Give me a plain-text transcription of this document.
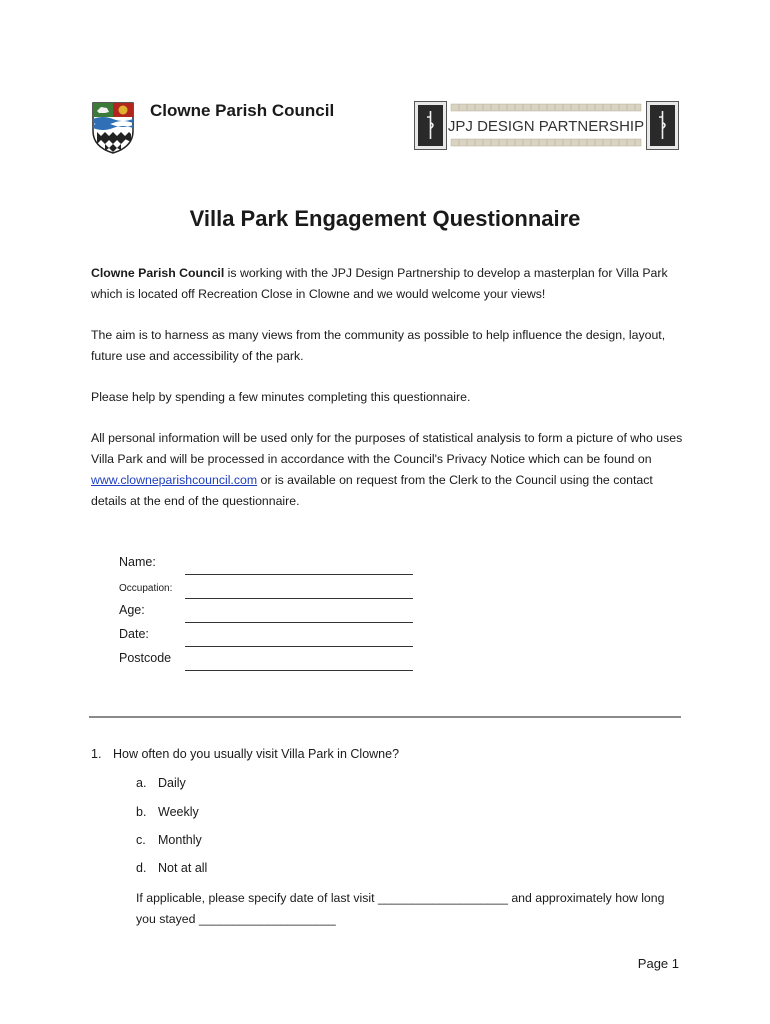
Clowne Parish Council
JPJ DESIGN PARTNERSHIP
Villa Park Engagement Questionnaire
Clowne Parish Council is working with the JPJ Design Partnership to develop a masterplan for Villa Park which is located off Recreation Close in Clowne and we would welcome your views!
The aim is to harness as many views from the community as possible to help influence the design, layout, future use and accessibility of the park.
Please help by spending a few minutes completing this questionnaire.
All personal information will be used only for the purposes of statistical analysis to form a picture of who uses Villa Park and will be processed in accordance with the Council's Privacy Notice which can be found on www.clowneparishcouncil.com or is available on request from the Clerk to the Council using the contact details at the end of the questionnaire.
Name:
Occupation:
Age:
Date:
Postcode
1. How often do you usually visit Villa Park in Clowne?
a. Daily
b. Weekly
c. Monthly
d. Not at all
If applicable, please specify date of last visit ___________________ and approximately how long you stayed ____________________
Page 1
